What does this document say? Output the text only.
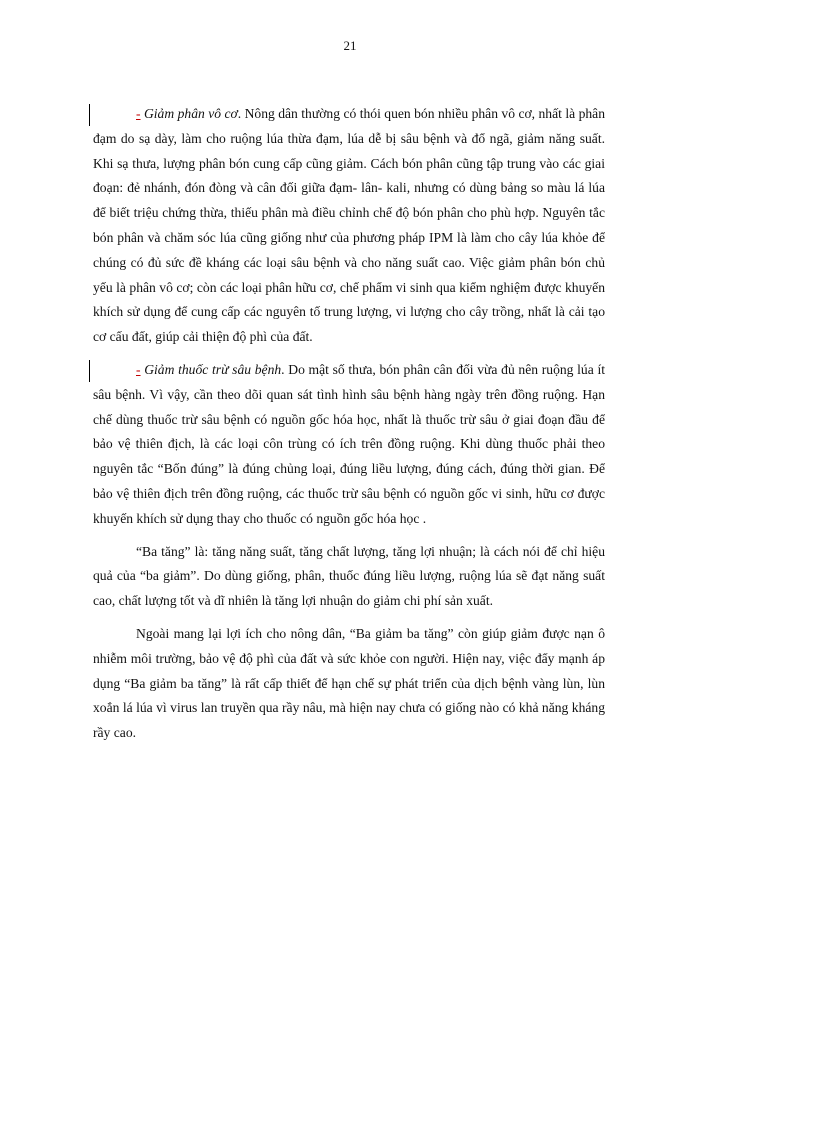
21

- Giảm phân vô cơ. Nông dân thường có thói quen bón nhiều phân vô cơ, nhất là phân đạm do sạ dày, làm cho ruộng lúa thừa đạm, lúa dễ bị sâu bệnh và đổ ngã, giảm năng suất. Khi sạ thưa, lượng phân bón cung cấp cũng giảm. Cách bón phân cũng tập trung vào các giai đoạn: đẻ nhánh, đón đòng và cân đối giữa đạm- lân- kali, nhưng có dùng bảng so màu lá lúa để biết triệu chứng thừa, thiếu phân mà điều chỉnh chế độ bón phân cho phù hợp. Nguyên tắc bón phân và chăm sóc lúa cũng giống như của phương pháp IPM là làm cho cây lúa khỏe để chúng có đủ sức đề kháng các loại sâu bệnh và cho năng suất cao. Việc giảm phân bón chủ yếu là phân vô cơ; còn các loại phân hữu cơ, chế phẩm vi sinh qua kiểm nghiệm được khuyến khích sử dụng để cung cấp các nguyên tố trung lượng, vi lượng cho cây trồng, nhất là cải tạo cơ cấu đất, giúp cải thiện độ phì của đất.

- Giảm thuốc trừ sâu bệnh. Do mật số thưa, bón phân cân đối vừa đủ nên ruộng lúa ít sâu bệnh. Vì vậy, cần theo dõi quan sát tình hình sâu bệnh hàng ngày trên đồng ruộng. Hạn chế dùng thuốc trừ sâu bệnh có nguồn gốc hóa học, nhất là thuốc trừ sâu ở giai đoạn đầu để bảo vệ thiên địch, là các loại côn trùng có ích trên đồng ruộng. Khi dùng thuốc phải theo nguyên tắc “Bốn đúng” là đúng chủng loại, đúng liều lượng, đúng cách, đúng thời gian. Để bảo vệ thiên địch trên đồng ruộng, các thuốc trừ sâu bệnh có nguồn gốc vi sinh, hữu cơ được khuyến khích sử dụng thay cho thuốc có nguồn gốc hóa học .

“Ba tăng” là: tăng năng suất, tăng chất lượng, tăng lợi nhuận; là cách nói để chỉ hiệu quả của “ba giảm”. Do dùng giống, phân, thuốc đúng liều lượng, ruộng lúa sẽ đạt năng suất cao, chất lượng tốt và dĩ nhiên là tăng lợi nhuận do giảm chi phí sản xuất.

Ngoài mang lại lợi ích cho nông dân, “Ba giảm ba tăng” còn giúp giảm được nạn ô nhiễm môi trường, bảo vệ độ phì của đất và sức khỏe con người. Hiện nay, việc đẩy mạnh áp dụng “Ba giảm ba tăng” là rất cấp thiết để hạn chế sự phát triển của dịch bệnh vàng lùn, lùn xoắn lá lúa vì virus lan truyền qua rầy nâu, mà hiện nay chưa có giống nào có khả năng kháng rầy cao.
